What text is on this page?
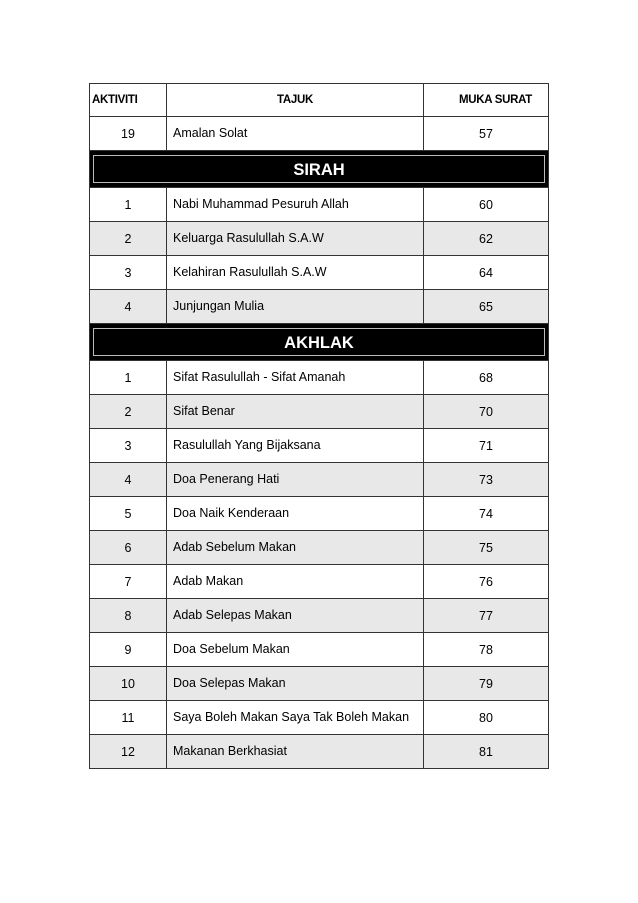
AKTIVITI	TAJUK	MUKA SURAT
19	Amalan Solat	57

SIRAH		

1	Nabi Muhammad Pesuruh Allah	60
2	Keluarga Rasulullah S.A.W	62
3	Kelahiran Rasulullah S.A.W	64
4	Junjungan Mulia	65

AKHLAK		

1	Sifat Rasulullah - Sifat Amanah	68
2	Sifat Benar	70
3	Rasulullah Yang Bijaksana	71
4	Doa Penerang Hati	73
5	Doa Naik Kenderaan	74
6	Adab Sebelum Makan	75
7	Adab Makan	76
8	Adab Selepas Makan	77
9	Doa Sebelum Makan	78
10	Doa Selepas Makan	79
11	Saya Boleh Makan Saya Tak Boleh Makan	80
12	Makanan Berkhasiat	81
